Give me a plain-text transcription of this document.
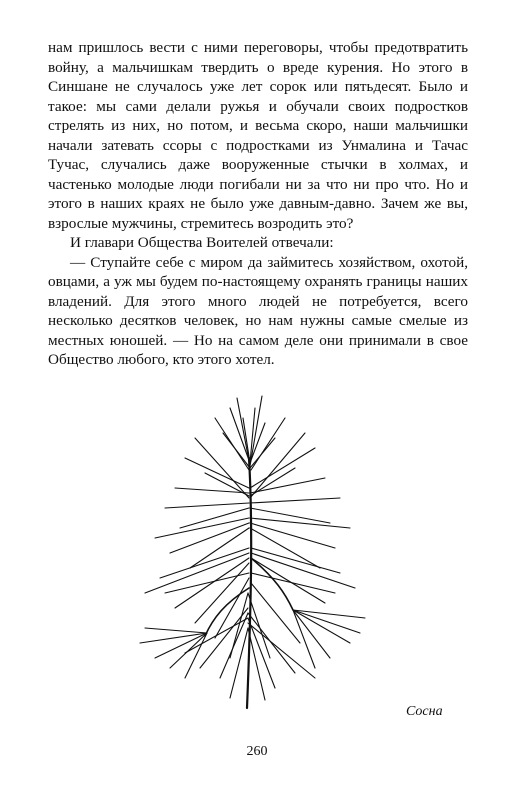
нам пришлось вести с ними переговоры, чтобы предотвратить войну, а мальчишкам твердить о вреде курения. Но этого в Синшане не случалось уже лет сорок или пятьдесят. Было и такое: мы сами делали ружья и обучали своих подростков стрелять из них, но потом, и весьма скоро, наши мальчишки начали затевать ссоры с подростками из Унмалина и Тачас Тучас, случались даже вооруженные стычки в холмах, и частенько молодые люди погибали ни за что ни про что. Но и этого в наших краях не было уже давным-давно. Зачем же вы, взрослые мужчины, стремитесь возродить это?

И главари Общества Воителей отвечали:

— Ступайте себе с миром да займитесь хозяйством, охотой, овцами, а уж мы будем по-настоящему охранять границы наших владений. Для этого много людей не потребуется, всего несколько десятков человек, но нам нужны самые смелые из местных юношей. — Но на самом деле они принимали в свое Общество любого, кто этого хотел.

Сосна
260
